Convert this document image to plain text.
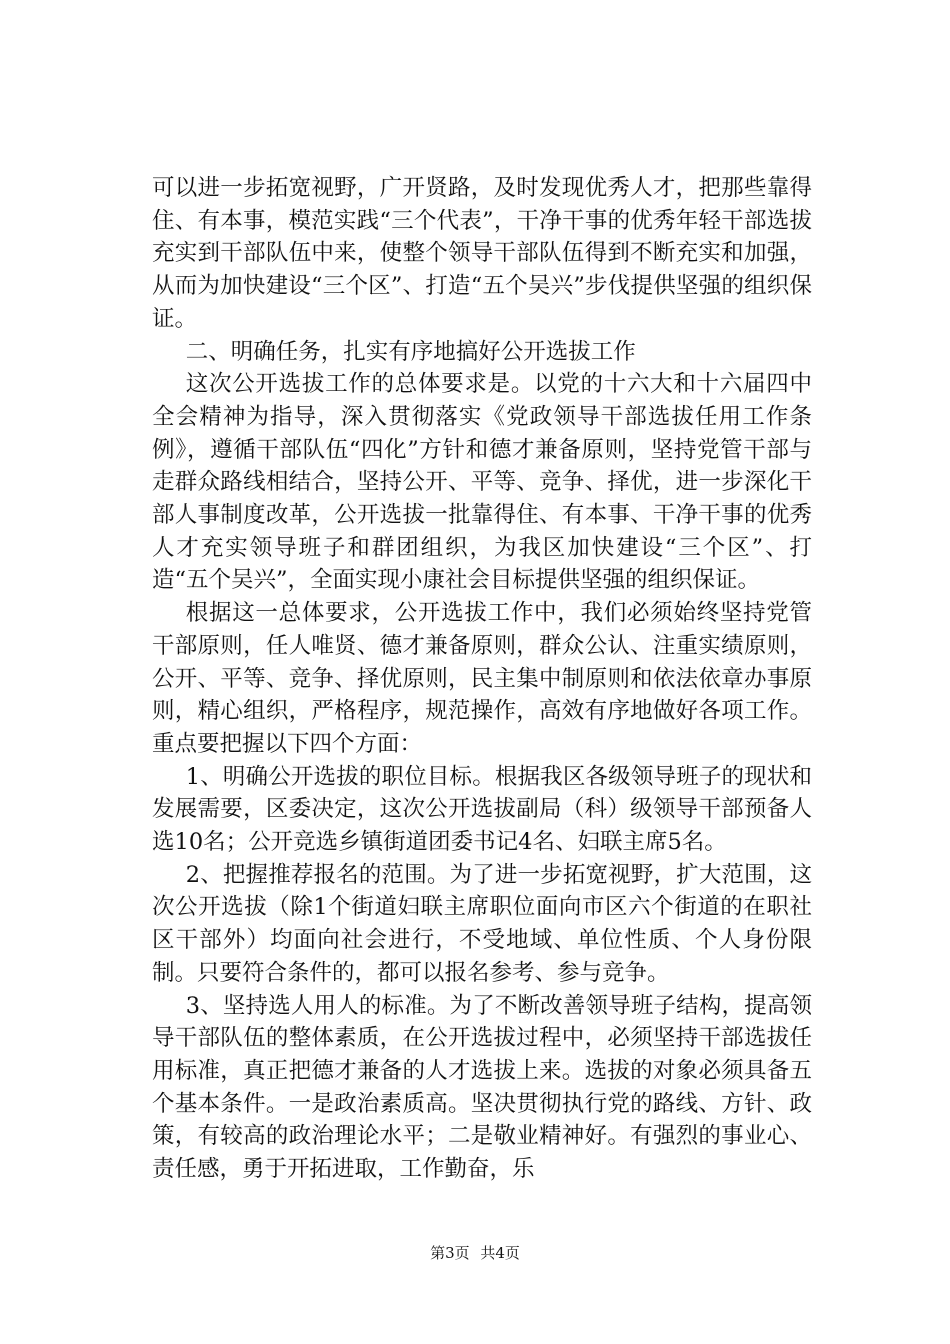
可以进一步拓宽视野，广开贤路，及时发现优秀人才，把那些靠得住、有本事，模范实践“三个代表”，干净干事的优秀年轻干部选拔充实到干部队伍中来，使整个领导干部队伍得到不断充实和加强，从而为加快建设“三个区”、打造“五个吴兴”步伐提供坚强的组织保证。

二、明确任务，扎实有序地搞好公开选拔工作

这次公开选拔工作的总体要求是。以党的十六大和十六届四中全会精神为指导，深入贯彻落实《党政领导干部选拔任用工作条例》，遵循干部队伍“四化”方针和德才兼备原则，坚持党管干部与走群众路线相结合，坚持公开、平等、竞争、择优，进一步深化干部人事制度改革，公开选拔一批靠得住、有本事、干净干事的优秀人才充实领导班子和群团组织，为我区加快建设“三个区”、打造“五个吴兴”，全面实现小康社会目标提供坚强的组织保证。

根据这一总体要求，公开选拔工作中，我们必须始终坚持党管干部原则，任人唯贤、德才兼备原则，群众公认、注重实绩原则，公开、平等、竞争、择优原则，民主集中制原则和依法依章办事原则，精心组织，严格程序，规范操作，高效有序地做好各项工作。重点要把握以下四个方面：

1、明确公开选拔的职位目标。根据我区各级领导班子的现状和发展需要，区委决定，这次公开选拔副局（科）级领导干部预备人选10名；公开竞选乡镇街道团委书记4名、妇联主席5名。

2、把握推荐报名的范围。为了进一步拓宽视野，扩大范围，这次公开选拔（除1个街道妇联主席职位面向市区六个街道的在职社区干部外）均面向社会进行，不受地域、单位性质、个人身份限制。只要符合条件的，都可以报名参考、参与竞争。

3、坚持选人用人的标准。为了不断改善领导班子结构，提高领导干部队伍的整体素质，在公开选拔过程中，必须坚持干部选拔任用标准，真正把德才兼备的人才选拔上来。选拔的对象必须具备五个基本条件。一是政治素质高。坚决贯彻执行党的路线、方针、政策，有较高的政治理论水平；二是敬业精神好。有强烈的事业心、责任感，勇于开拓进取，工作勤奋，乐

第3页 共4页
